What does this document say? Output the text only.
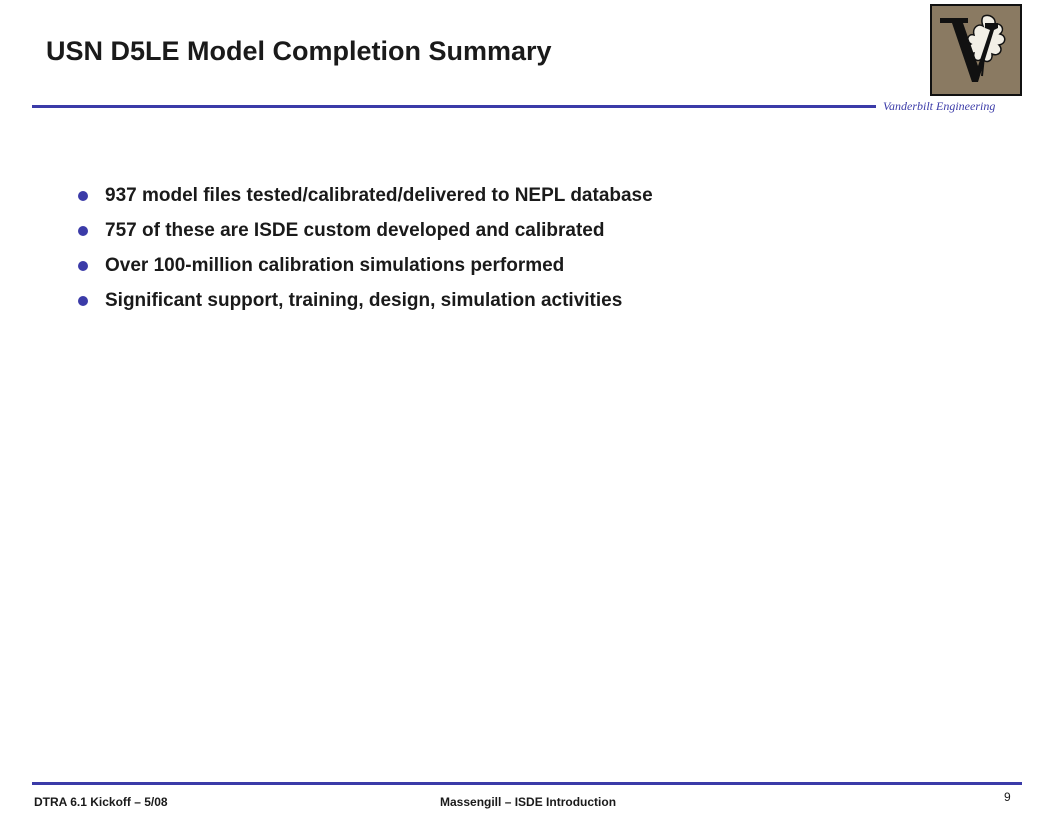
USN D5LE Model Completion Summary
Vanderbilt Engineering
937 model files tested/calibrated/delivered to NEPL database
757 of these are ISDE custom developed and calibrated
Over 100-million calibration simulations performed
Significant support, training, design, simulation activities
DTRA 6.1 Kickoff – 5/08	Massengill – ISDE Introduction	9
